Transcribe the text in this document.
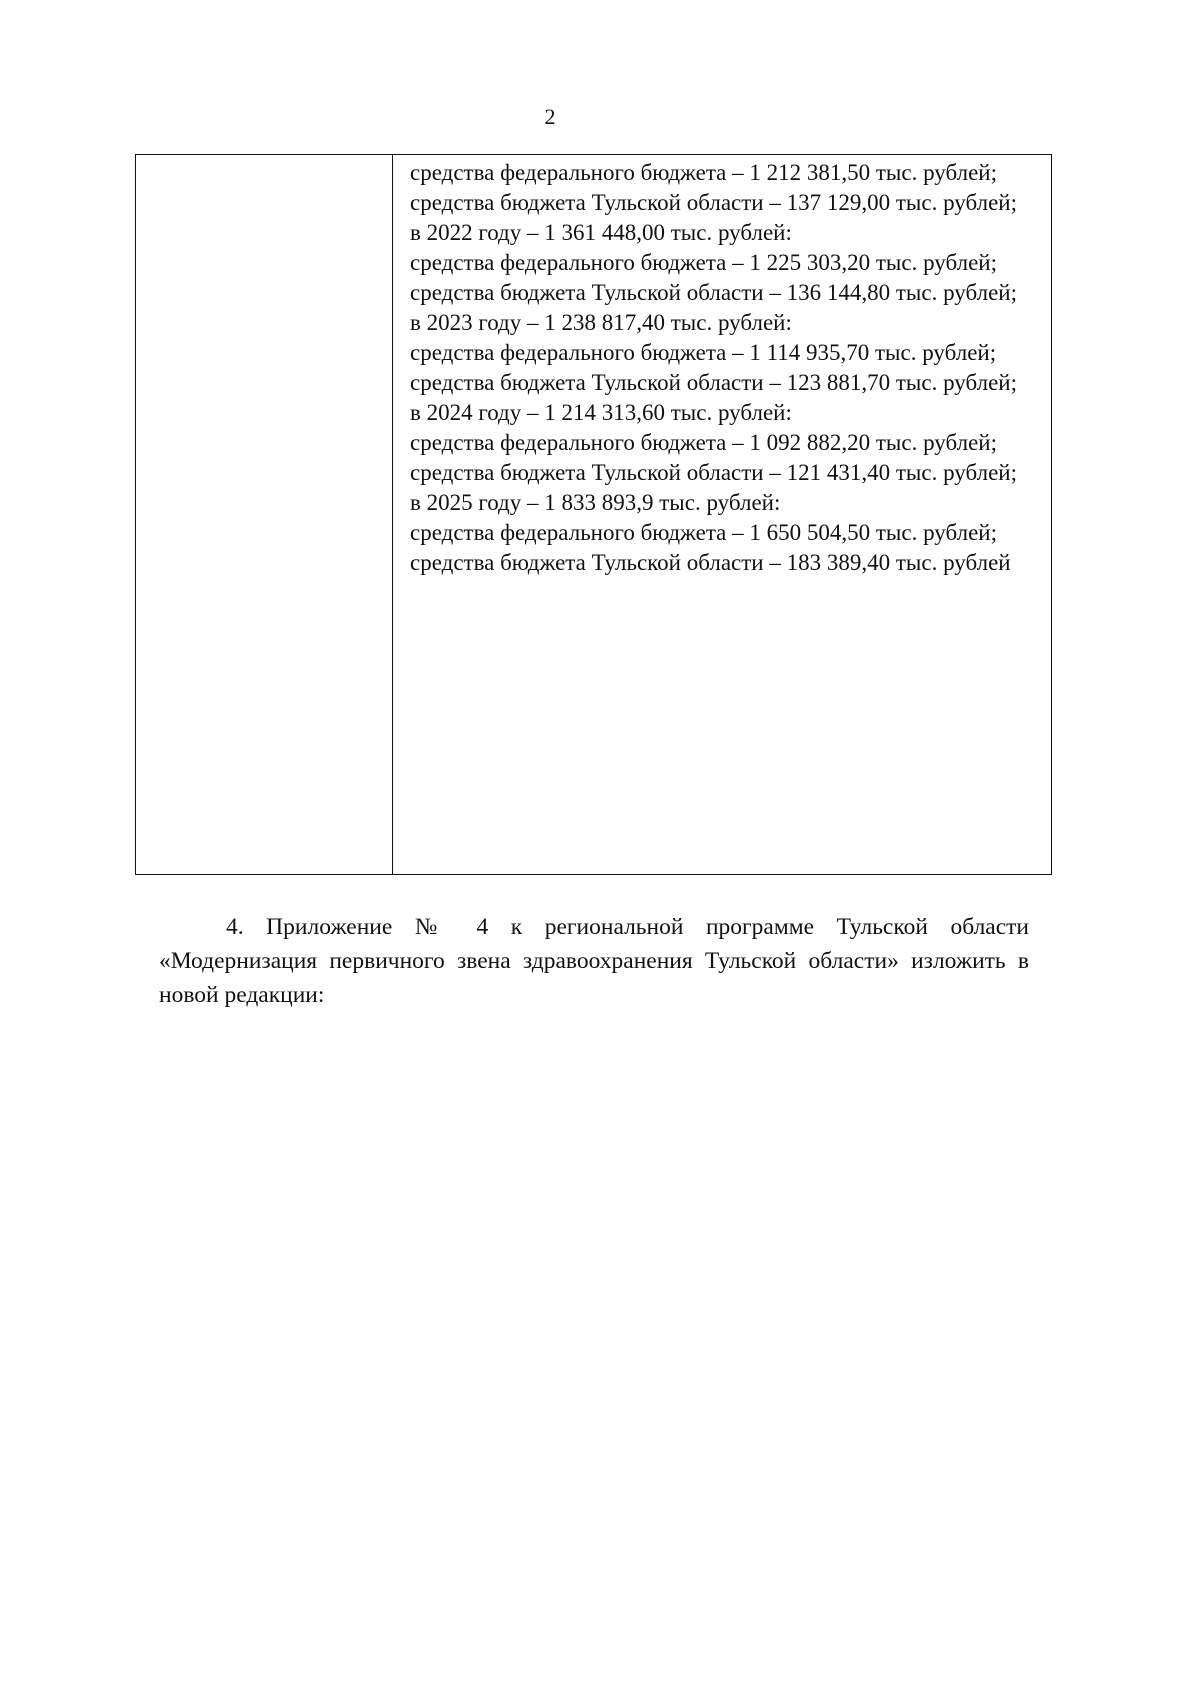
2

средства федерального бюджета – 1 212 381,50 тыс. рублей;

средства бюджета Тульской области – 137 129,00 тыс. рублей;

в 2022 году – 1 361 448,00 тыс. рублей:

средства федерального бюджета – 1 225 303,20 тыс. рублей;

средства бюджета Тульской области – 136 144,80 тыс. рублей;

в 2023 году – 1 238 817,40 тыс. рублей:

средства федерального бюджета – 1 114 935,70 тыс. рублей;

средства бюджета Тульской области – 123 881,70 тыс. рублей;

в 2024 году – 1 214 313,60 тыс. рублей:

средства федерального бюджета – 1 092 882,20 тыс. рублей;

средства бюджета Тульской области – 121 431,40 тыс. рублей;

в 2025 году – 1 833 893,9 тыс. рублей:

средства федерального бюджета – 1 650 504,50 тыс. рублей;

средства бюджета Тульской области – 183 389,40 тыс. рублей

4. Приложение № 4 к региональной программе Тульской области «Модернизация первичного звена здравоохранения Тульской области» изложить в новой редакции:
